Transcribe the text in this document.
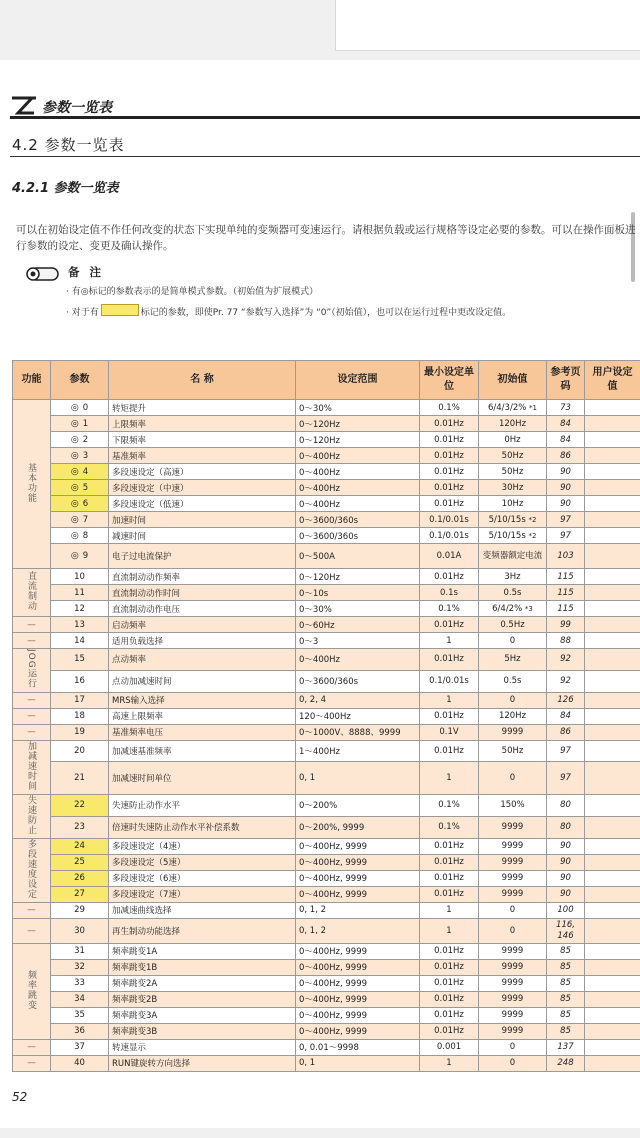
参数一览表
4.2 参数一览表
4.2.1 参数一览表
可以在初始设定值不作任何改变的状态下实现单纯的变频器可变速运行。请根据负载或运行规格等设定必要的参数。可以在操作面板进行参数的设定、变更及确认操作。
备 注
· 有◎标记的参数表示的是简单模式参数。（初始值为扩展模式）
· 对于有	标记的参数，即使Pr. 77 “参数写入选择”为 “0”（初始值），也可以在运行过程中更改设定值。
功能	参数	名 称	设定范围	最小设定单位	初始值	参考页码	用户设定值
基本功能	◎ 0	转矩提升	0～30%	0.1%	6/4/3/2% *1	73	
	◎ 1	上限频率	0～120Hz	0.01Hz	120Hz	84	
	◎ 2	下限频率	0～120Hz	0.01Hz	0Hz	84	
	◎ 3	基准频率	0～400Hz	0.01Hz	50Hz	86	
	◎ 4	多段速设定（高速）	0～400Hz	0.01Hz	50Hz	90	
	◎ 5	多段速设定（中速）	0～400Hz	0.01Hz	30Hz	90	
	◎ 6	多段速设定（低速）	0～400Hz	0.01Hz	10Hz	90	
	◎ 7	加速时间	0～3600/360s	0.1/0.01s	5/10/15s *2	97	
	◎ 8	减速时间	0～3600/360s	0.1/0.01s	5/10/15s *2	97	
	◎ 9	电子过电流保护	0～500A	0.01A	变频器额定电流	103	
直流制动	10	直流制动动作频率	0～120Hz	0.01Hz	3Hz	115	
	11	直流制动动作时间	0～10s	0.1s	0.5s	115	
	12	直流制动动作电压	0～30%	0.1%	6/4/2% *3	115	
—	13	启动频率	0～60Hz	0.01Hz	0.5Hz	99	
—	14	适用负载选择	0～3	1	0	88	
JOG运行	15	点动频率	0～400Hz	0.01Hz	5Hz	92	
	16	点动加减速时间	0～3600/360s	0.1/0.01s	0.5s	92	
—	17	MRS输入选择	0, 2, 4	1	0	126	
—	18	高速上限频率	120～400Hz	0.01Hz	120Hz	84	
—	19	基准频率电压	0～1000V、8888、9999	0.1V	9999	86	
加减速时间	20	加减速基准频率	1～400Hz	0.01Hz	50Hz	97	
	21	加减速时间单位	0, 1	1	0	97	
失速防止	22	失速防止动作水平	0～200%	0.1%	150%	80	
	23	倍速时失速防止动作水平补偿系数	0～200%, 9999	0.1%	9999	80	
多段速度设定	24	多段速设定（4速）	0～400Hz, 9999	0.01Hz	9999	90	
	25	多段速设定（5速）	0～400Hz, 9999	0.01Hz	9999	90	
	26	多段速设定（6速）	0～400Hz, 9999	0.01Hz	9999	90	
	27	多段速设定（7速）	0～400Hz, 9999	0.01Hz	9999	90	
—	29	加减速曲线选择	0, 1, 2	1	0	100	
—	30	再生制动功能选择	0, 1, 2	1	0	116, 146	
频率跳变	31	频率跳变1A	0～400Hz, 9999	0.01Hz	9999	85	
	32	频率跳变1B	0～400Hz, 9999	0.01Hz	9999	85	
	33	频率跳变2A	0～400Hz, 9999	0.01Hz	9999	85	
	34	频率跳变2B	0～400Hz, 9999	0.01Hz	9999	85	
	35	频率跳变3A	0～400Hz, 9999	0.01Hz	9999	85	
	36	频率跳变3B	0～400Hz, 9999	0.01Hz	9999	85	
—	37	转速显示	0, 0.01～9998	0.001	0	137	
—	40	RUN键旋转方向选择	0, 1	1	0	248	
52
